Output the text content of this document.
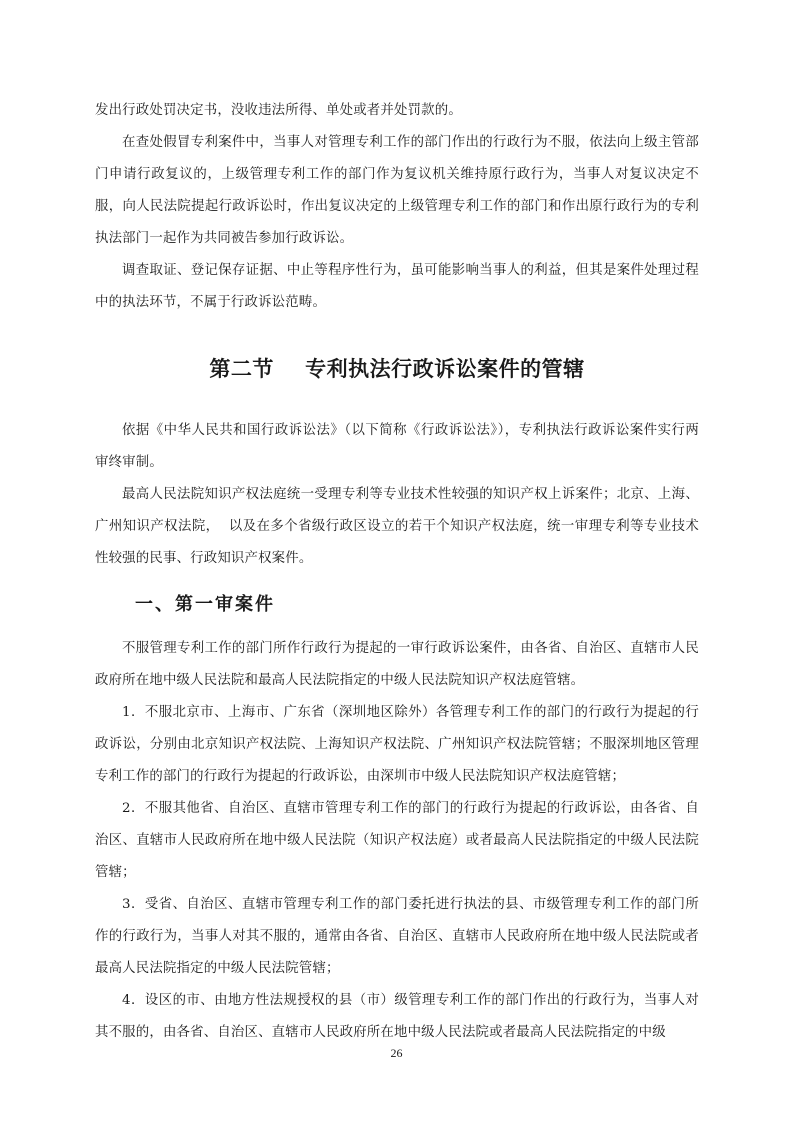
发出行政处罚决定书，没收违法所得、单处或者并处罚款的。

在查处假冒专利案件中，当事人对管理专利工作的部门作出的行政行为不服，依法向上级主管部门申请行政复议的，上级管理专利工作的部门作为复议机关维持原行政行为，当事人对复议决定不服，向人民法院提起行政诉讼时，作出复议决定的上级管理专利工作的部门和作出原行政行为的专利执法部门一起作为共同被告参加行政诉讼。

调查取证、登记保存证据、中止等程序性行为，虽可能影响当事人的利益，但其是案件处理过程中的执法环节，不属于行政诉讼范畴。

第二节    专利执法行政诉讼案件的管辖

依据《中华人民共和国行政诉讼法》（以下简称《行政诉讼法》），专利执法行政诉讼案件实行两审终审制。

最高人民法院知识产权法庭统一受理专利等专业技术性较强的知识产权上诉案件；北京、上海、广州知识产权法院，  以及在多个省级行政区设立的若干个知识产权法庭，统一审理专利等专业技术性较强的民事、行政知识产权案件。

一、第一审案件

不服管理专利工作的部门所作行政行为提起的一审行政诉讼案件，由各省、自治区、直辖市人民政府所在地中级人民法院和最高人民法院指定的中级人民法院知识产权法庭管辖。

1．不服北京市、上海市、广东省（深圳地区除外）各管理专利工作的部门的行政行为提起的行政诉讼，分别由北京知识产权法院、上海知识产权法院、广州知识产权法院管辖；不服深圳地区管理专利工作的部门的行政行为提起的行政诉讼，由深圳市中级人民法院知识产权法庭管辖；

2．不服其他省、自治区、直辖市管理专利工作的部门的行政行为提起的行政诉讼，由各省、自治区、直辖市人民政府所在地中级人民法院（知识产权法庭）或者最高人民法院指定的中级人民法院管辖；

3．受省、自治区、直辖市管理专利工作的部门委托进行执法的县、市级管理专利工作的部门所作的行政行为，当事人对其不服的，通常由各省、自治区、直辖市人民政府所在地中级人民法院或者最高人民法院指定的中级人民法院管辖；

4．设区的市、由地方性法规授权的县（市）级管理专利工作的部门作出的行政行为，当事人对其不服的，由各省、自治区、直辖市人民政府所在地中级人民法院或者最高人民法院指定的中级

26
